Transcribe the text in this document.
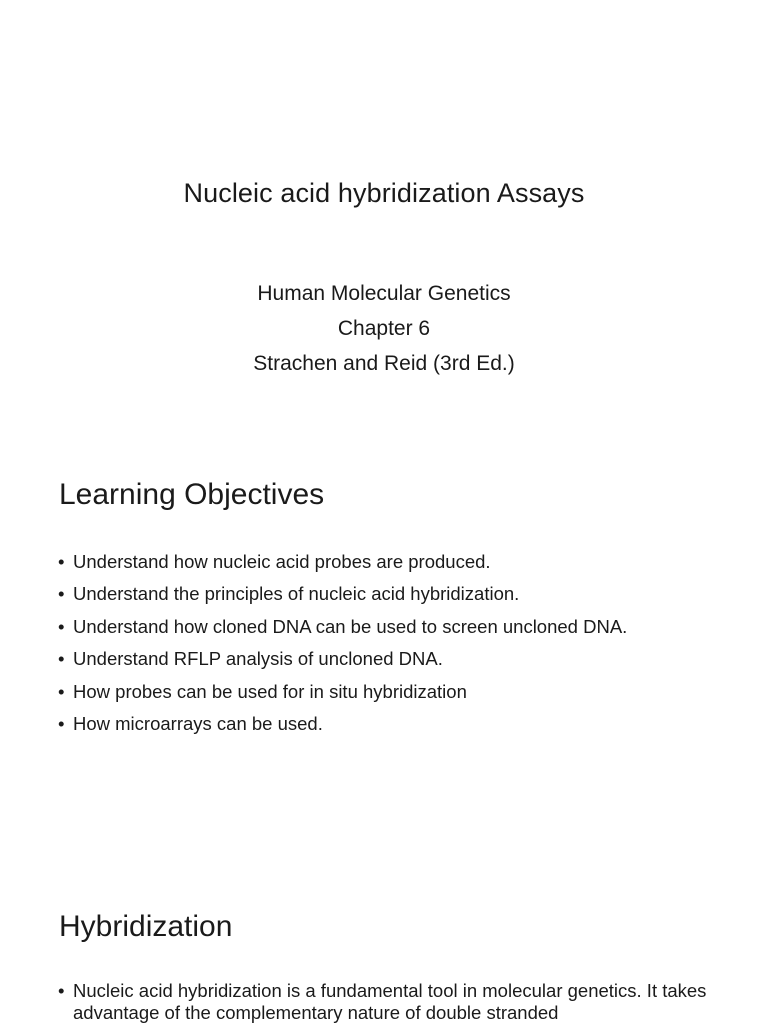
Nucleic acid hybridization Assays
Human Molecular Genetics
Chapter 6
Strachen and Reid (3rd Ed.)
Learning Objectives
• Understand how nucleic acid probes are produced.
• Understand the principles of nucleic acid hybridization.
• Understand how cloned DNA can be used to screen uncloned DNA.
• Understand RFLP analysis of uncloned DNA.
• How probes can be used for in situ hybridization
• How microarrays can be used.
Hybridization
• Nucleic acid hybridization is a fundamental tool in molecular genetics. It takes advantage of the complementary nature of double stranded
